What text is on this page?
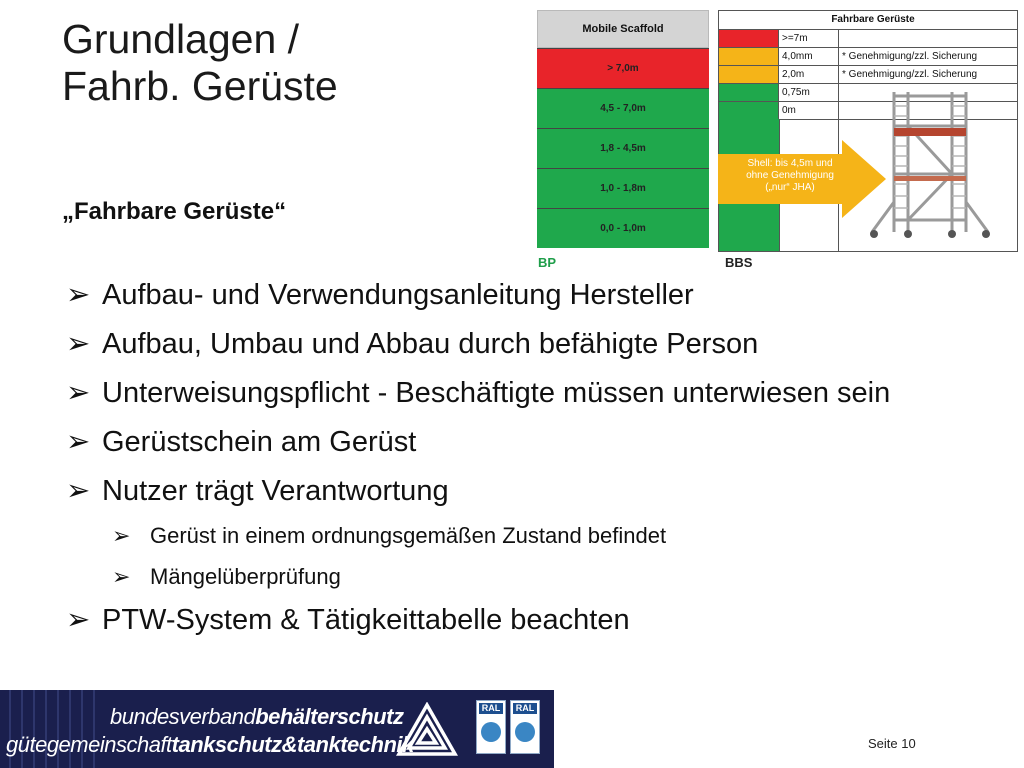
Grundlagen /
Fahrb. Gerüste
„Fahrbare Gerüste“
Mobile Scaffold
> 7,0m
4,5 - 7,0m
1,8 - 4,5m
1,0 - 1,8m
0,0 - 1,0m
BP
Fahrbare Gerüste
>=7m
4,0mm	* Genehmigung/zzl. Sicherung
2,0m	* Genehmigung/zzl. Sicherung
0,75m
0m
BBS
Shell: bis 4,5m und
ohne Genehmigung
(„nur“ JHA)
➢ Aufbau- und Verwendungsanleitung Hersteller
➢ Aufbau, Umbau und Abbau durch befähigte Person
➢ Unterweisungspflicht - Beschäftigte müssen unterwiesen sein
➢ Gerüstschein am Gerüst
➢ Nutzer trägt Verantwortung
➢ Gerüst in einem ordnungsgemäßen Zustand befindet
➢ Mängelüberprüfung
➢ PTW-System & Tätigkeittabelle beachten
bundesverbandbehälterschutz
gütegemeinschafttankschutz&tanktechnik
RAL	RAL
Seite 10
